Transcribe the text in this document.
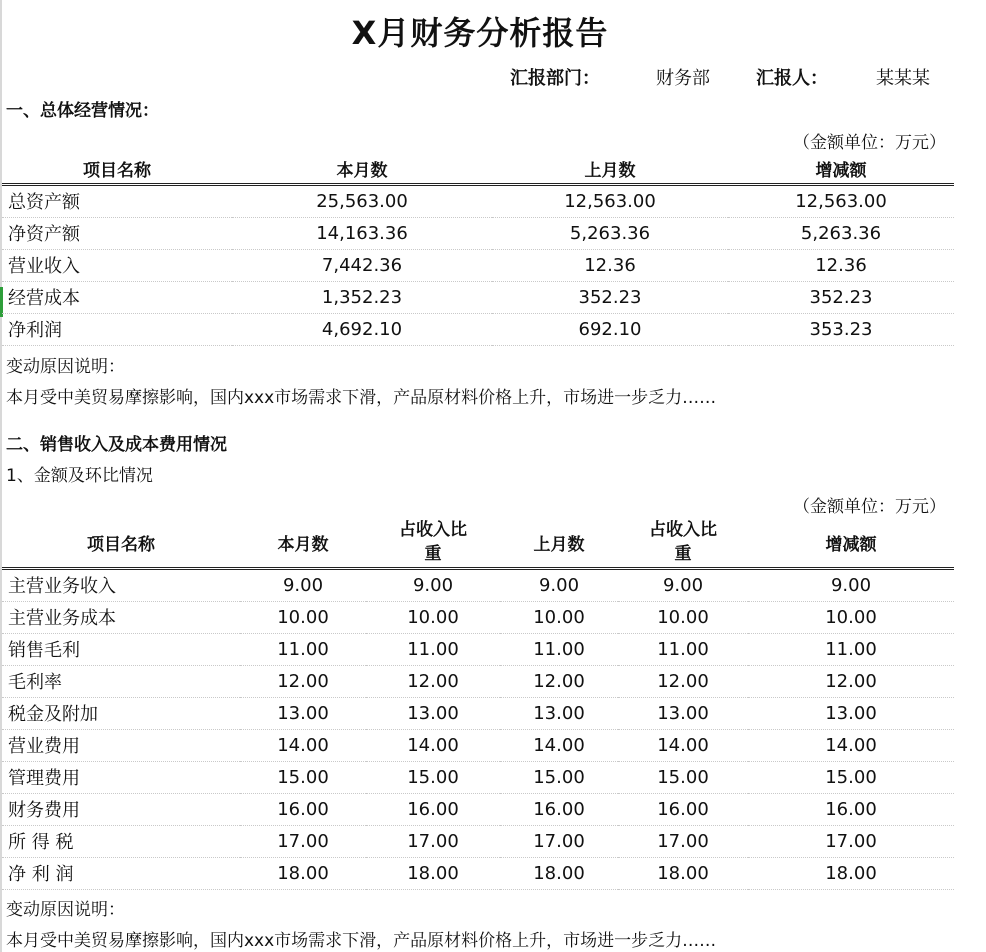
X月财务分析报告
汇报部门：	财务部	汇报人：	某某某
一、总体经营情况：
（金额单位：万元）
项目名称	本月数	上月数	增减额
总资产额	25,563.00	12,563.00	12,563.00
净资产额	14,163.36	5,263.36	5,263.36
营业收入	7,442.36	12.36	12.36
经营成本	1,352.23	352.23	352.23
净利润	4,692.10	692.10	353.23
变动原因说明：
本月受中美贸易摩擦影响，国内xxx市场需求下滑，产品原材料价格上升，市场进一步乏力……
二、销售收入及成本费用情况
1、金额及环比情况
（金额单位：万元）
项目名称	本月数	占收入比重	上月数	占收入比重	增减额
主营业务收入	9.00	9.00	9.00	9.00	9.00
主营业务成本	10.00	10.00	10.00	10.00	10.00
销售毛利	11.00	11.00	11.00	11.00	11.00
毛利率	12.00	12.00	12.00	12.00	12.00
税金及附加	13.00	13.00	13.00	13.00	13.00
营业费用	14.00	14.00	14.00	14.00	14.00
管理费用	15.00	15.00	15.00	15.00	15.00
财务费用	16.00	16.00	16.00	16.00	16.00
所 得 税	17.00	17.00	17.00	17.00	17.00
净 利 润	18.00	18.00	18.00	18.00	18.00
变动原因说明：
本月受中美贸易摩擦影响，国内xxx市场需求下滑，产品原材料价格上升，市场进一步乏力……
